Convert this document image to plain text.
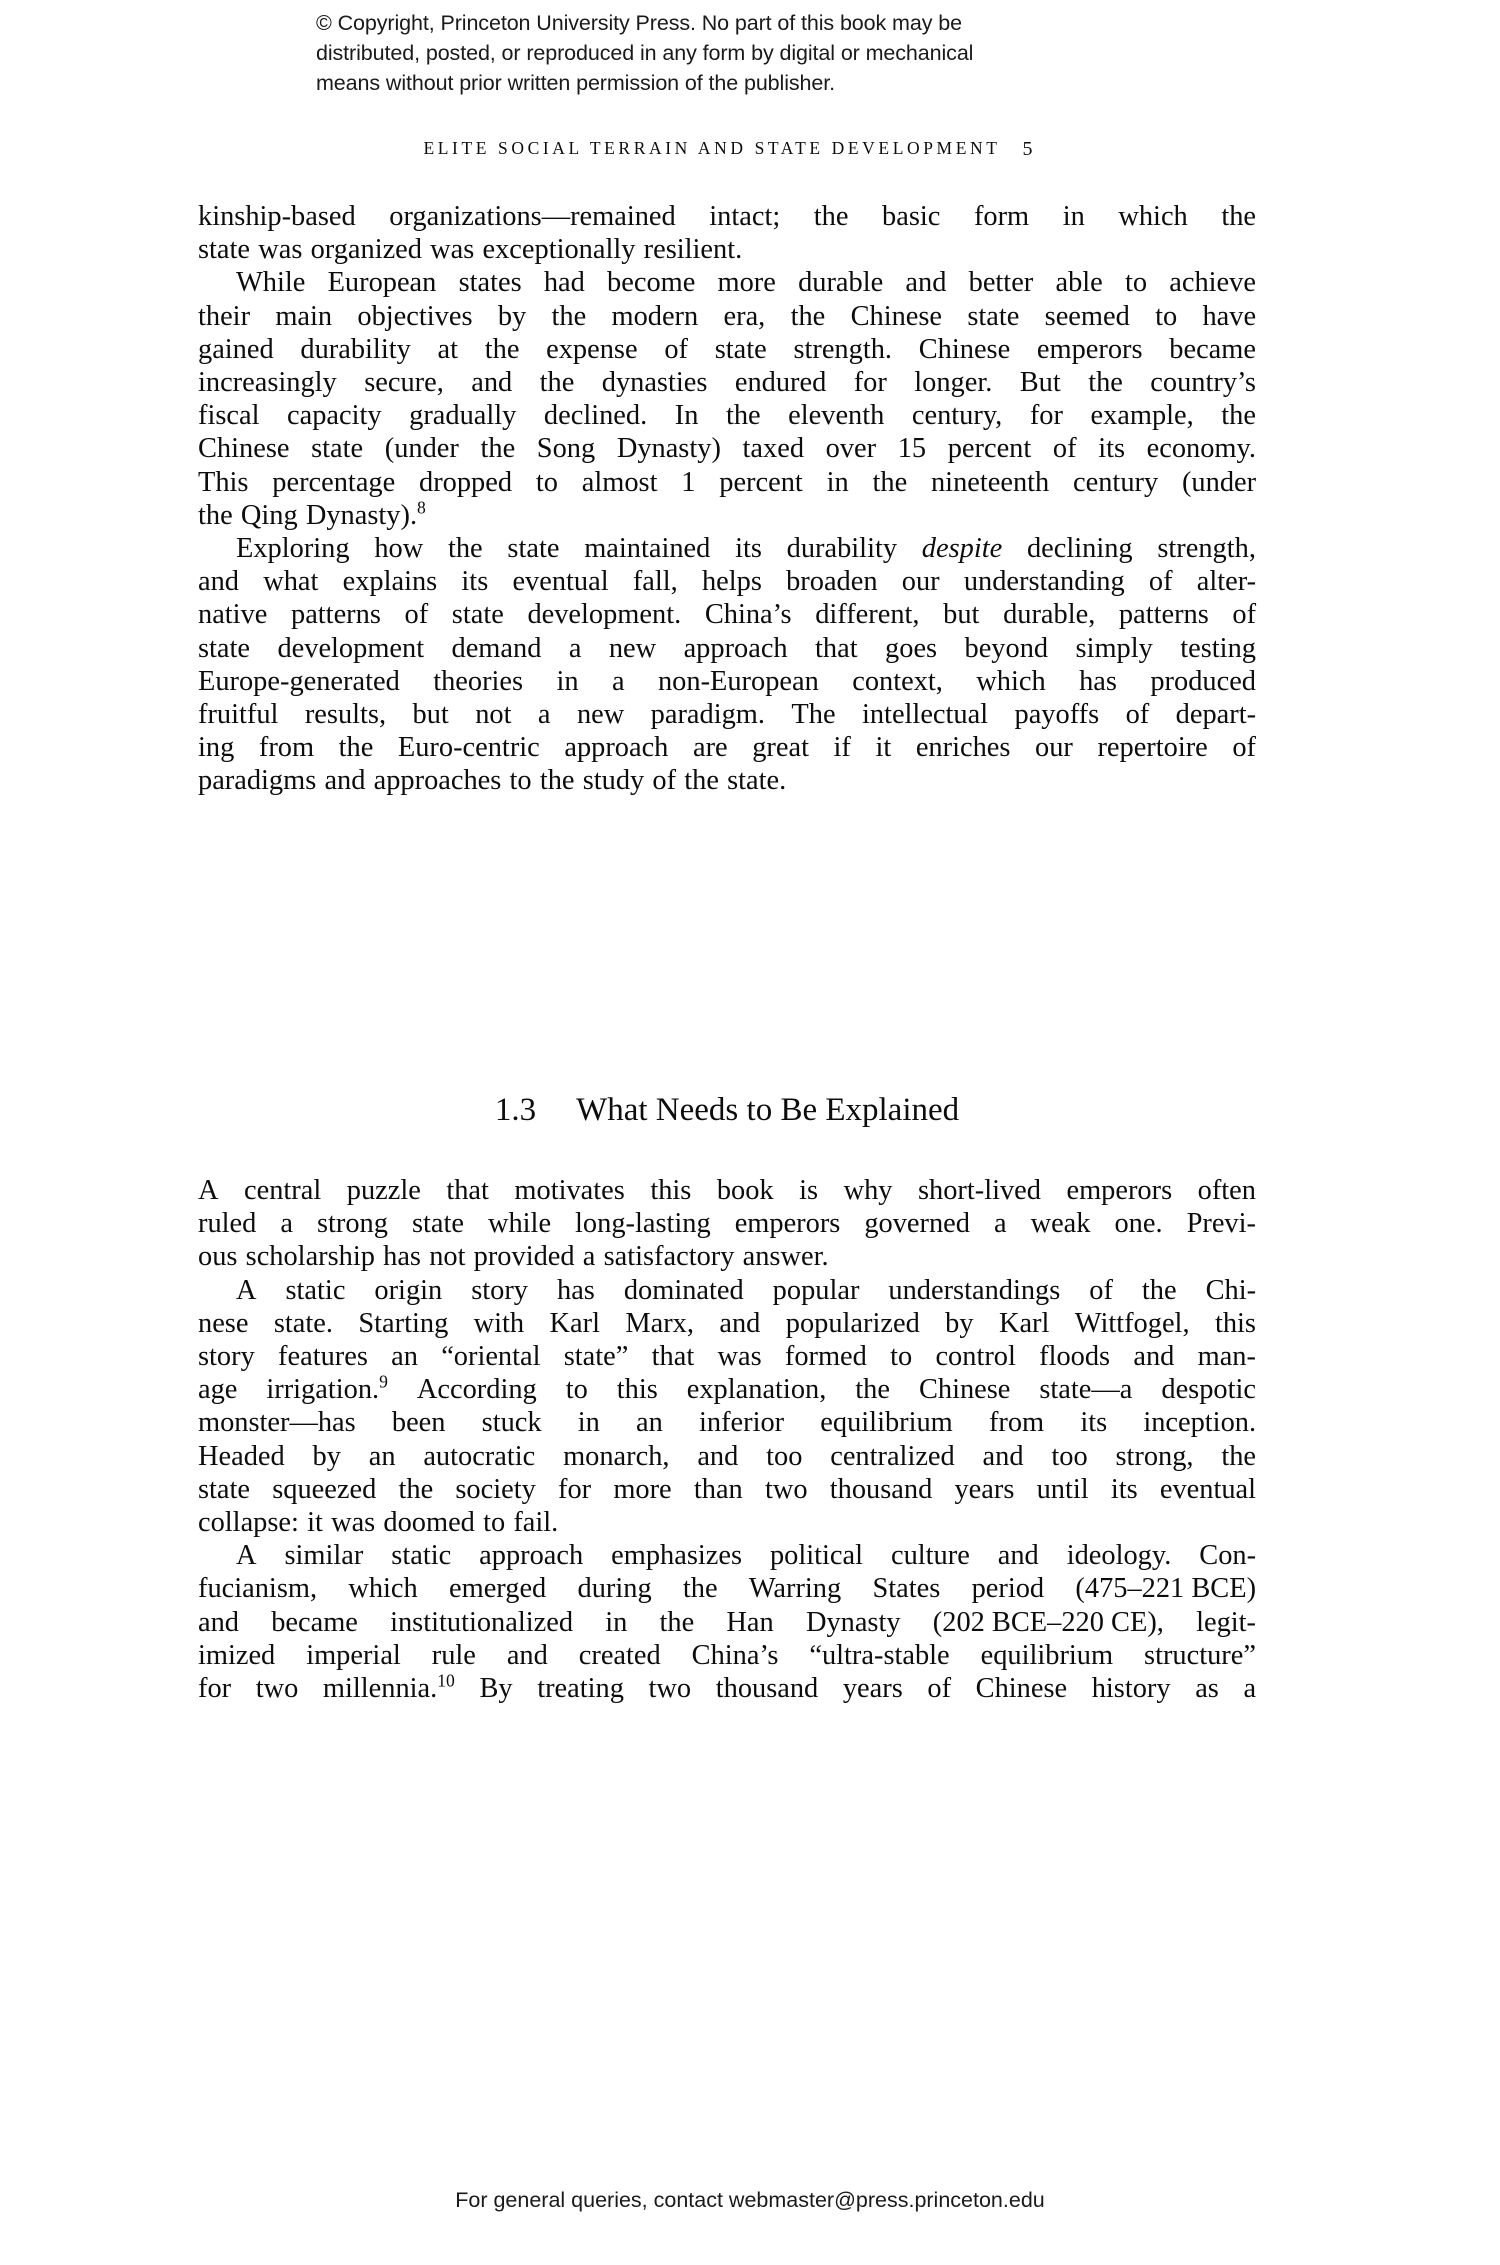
© Copyright, Princeton University Press. No part of this book may be
distributed, posted, or reproduced in any form by digital or mechanical
means without prior written permission of the publisher.
ELITE SOCIAL TERRAIN AND STATE DEVELOPMENT 5
kinship-based
organizations—remained
intact;
the
basic
form
in
which
the
state
was
organized
was
exceptionally
resilient.
While
European
states
had
become
more
durable
and
better
able
to
achieve
their
main
objectives
by
the
modern
era,
the
Chinese
state
seemed
to
have
gained
durability
at
the
expense
of
state
strength.
Chinese
emperors
became
increasingly
secure,
and
the
dynasties
endured
for
longer.
But
the
country’s
fiscal
capacity
gradually
declined.
In
the
eleventh
century,
for
example,
the
Chinese
state
(under
the
Song
Dynasty)
taxed
over
15
percent
of
its
economy.
This
percentage
dropped
to
almost
1
percent
in
the
nineteenth
century
(under
the
Qing
Dynasty).$^8$
Exploring
how
the
state
maintained
its
durability
despite
declining
strength,
and
what
explains
its
eventual
fall,
helps
broaden
our
understanding
of
alter-
native
patterns
of
state
development.
China’s
different,
but
durable,
patterns
of
state
development
demand
a
new
approach
that
goes
beyond
simply
testing
Europe-generated
theories
in
a
non-European
context,
which
has
produced
fruitful
results,
but
not
a
new
paradigm.
The
intellectual
payoffs
of
depart-
ing
from
the
Euro-centric
approach
are
great
if
it
enriches
our
repertoire
of
paradigms
and
approaches
to
the
study
of
the
state.
1.3 What Needs to Be Explained
A
central
puzzle
that
motivates
this
book
is
why
short-lived
emperors
often
ruled
a
strong
state
while
long-lasting
emperors
governed
a
weak
one.
Previ-
ous
scholarship
has
not
provided
a
satisfactory
answer.
A
static
origin
story
has
dominated
popular
understandings
of
the
Chi-
nese
state.
Starting
with
Karl
Marx,
and
popularized
by
Karl
Wittfogel,
this
story
features
an
“oriental
state”
that
was
formed
to
control
floods
and
man-
age
irrigation.$^9$
According
to
this
explanation,
the
Chinese
state—a
despotic
monster—has
been
stuck
in
an
inferior
equilibrium
from
its
inception.
Headed
by
an
autocratic
monarch,
and
too
centralized
and
too
strong,
the
state
squeezed
the
society
for
more
than
two
thousand
years
until
its
eventual
collapse:
it
was
doomed
to
fail.
A
similar
static
approach
emphasizes
political
culture
and
ideology.
Con-
fucianism,
which
emerged
during
the
Warring
States
period
(475–221 BCE)
and
became
institutionalized
in
the
Han
Dynasty
(202 BCE–220 CE),
legit-
imized
imperial
rule
and
created
China’s
“ultra-stable
equilibrium
structure”
for
two
millennia.$^{10}$
By
treating
two
thousand
years
of
Chinese
history
as
a
For general queries, contact webmaster@press.princeton.edu
